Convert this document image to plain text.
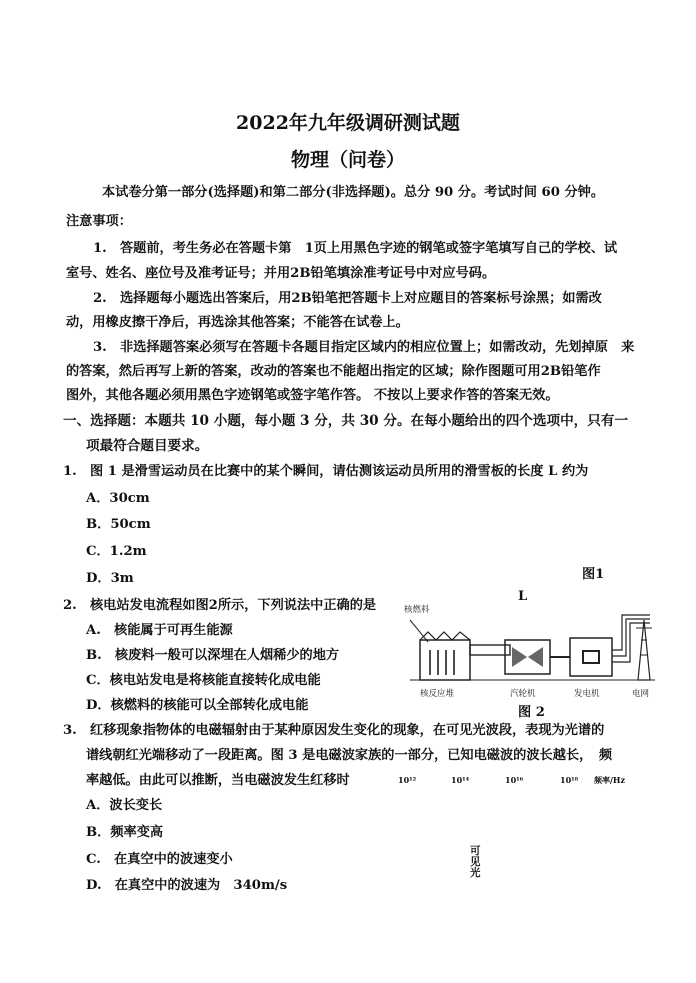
2022年九年级调研测试题
物理（问卷）
本试卷分第一部分(选择题)和第二部分(非选择题)。总分 90 分。考试时间 60 分钟。
注意事项：
1.　答题前，考生务必在答题卡第　1页上用黑色字迹的钢笔或签字笔填写自己的学校、试
室号、姓名、座位号及准考证号；并用2B铅笔填涂准考证号中对应号码。
2.　选择题每小题选出答案后，用2B铅笔把答题卡上对应题目的答案标号涂黑；如需改
动，用橡皮擦干净后，再选涂其他答案；不能答在试卷上。
3.　非选择题答案必须写在答题卡各题目指定区域内的相应位置上；如需改动，先划掉原　来
的答案，然后再写上新的答案，改动的答案也不能超出指定的区域；除作图题可用2B铅笔作
图外，其他各题必须用黑色字迹钢笔或签字笔作答。 不按以上要求作答的答案无效。
一、选择题：本题共 10 小题，每小题 3 分，共 30 分。在每小题给出的四个选项中，只有一
项最符合题目要求。
1.　图 1 是滑雪运动员在比赛中的某个瞬间，请估测该运动员所用的滑雪板的长度 L 约为
A．30cm
B．50cm
C．1.2m
D．3m	图1
L
2.　核电站发电流程如图2所示，下列说法中正确的是
A.　核能属于可再生能源
B.　核废料一般可以深埋在人烟稀少的地方
C．核电站发电是将核能直接转化成电能
D．核燃料的核能可以全部转化成电能
核燃料
核反应堆	汽轮机	发电机	电网
图 2
3.　红移现象指物体的电磁辐射由于某种原因发生变化的现象，在可见光波段，表现为光谱的
谱线朝红光端移动了一段距离。图 3 是电磁波家族的一部分，已知电磁波的波长越长，　频
率越低。由此可以推断，当电磁波发生红移时	10¹²	10¹⁴	10¹⁶	10¹⁸ 频率/Hz
A．波长变长
B．频率变高
C.　在真空中的波速变小
D.　在真空中的波速为　340m/s
可见光
